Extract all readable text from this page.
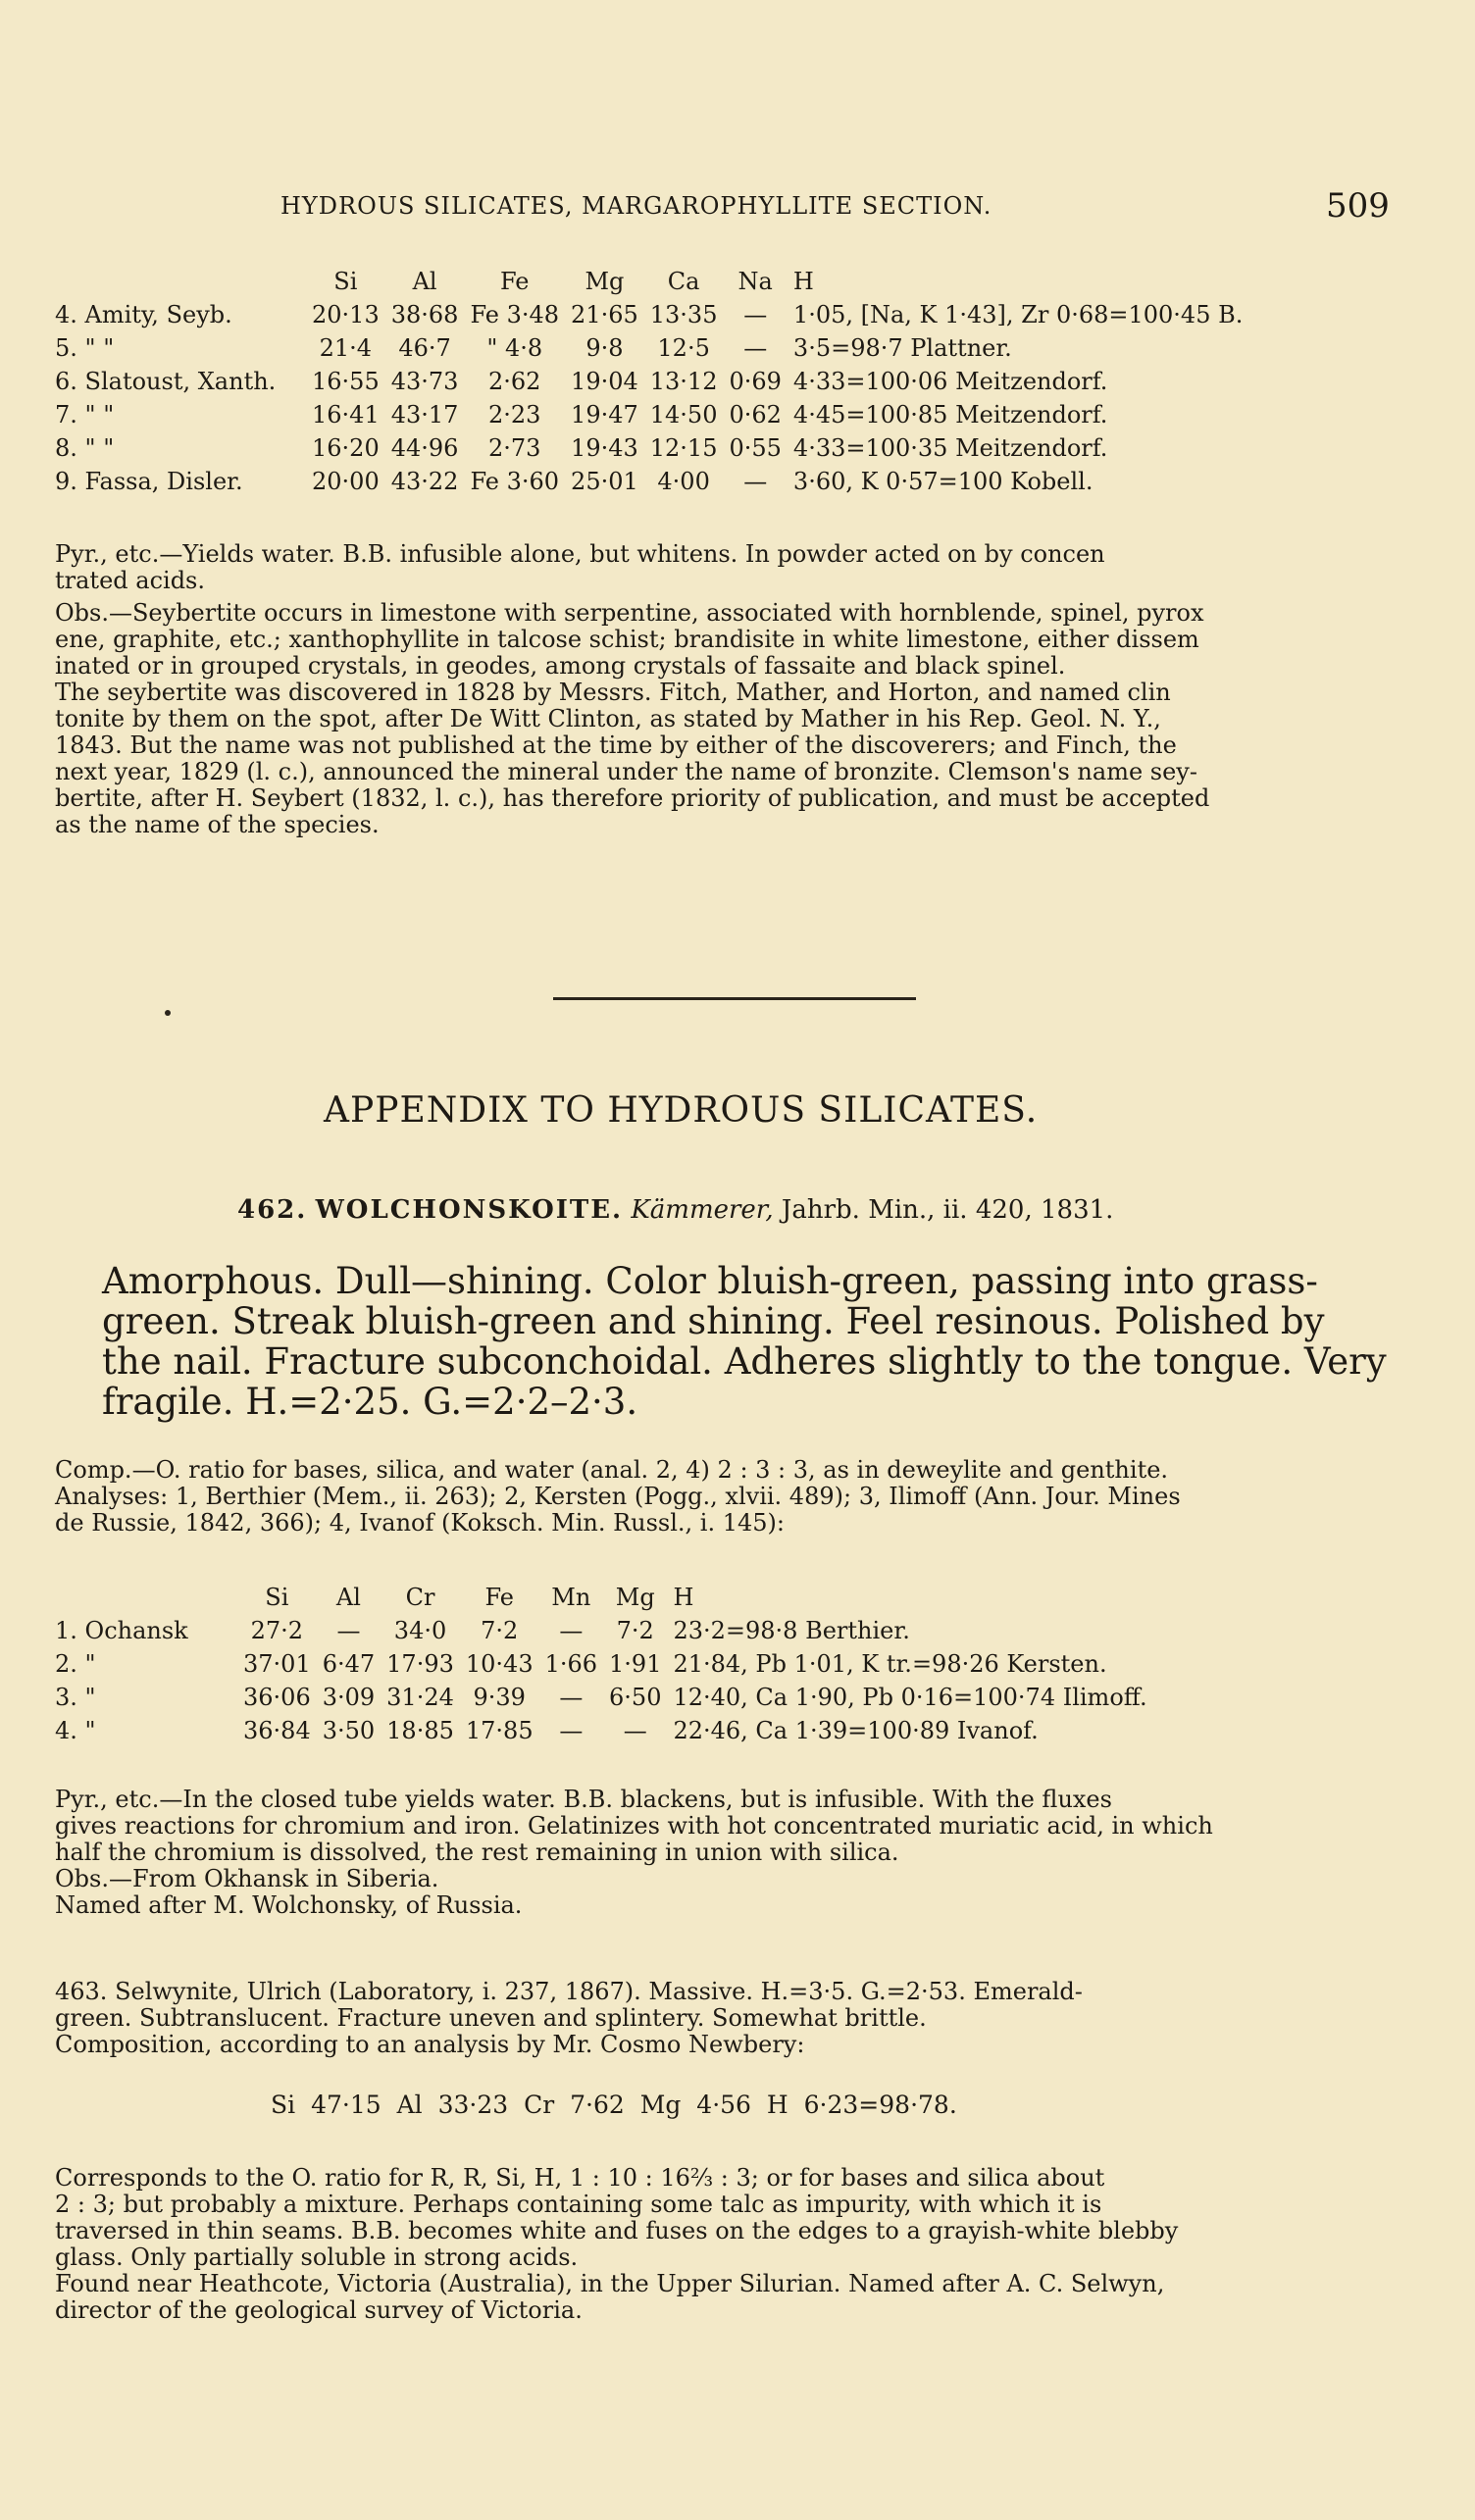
HYDROUS SILICATES, MARGAROPHYLLITE SECTION.	509
	Si	Al	Fe	Mg	Ca	Na	H
4. Amity, Seyb.	20·13	38·68	Fe 3·48	21·65	13·35	—	1·05, [Na, K 1·43], Zr 0·68=100·45 B.
5. " "	21·4	46·7	" 4·8	9·8	12·5	—	3·5=98·7 Plattner.
6. Slatoust, Xanth.	16·55	43·73	2·62	19·04	13·12	0·69	4·33=100·06 Meitzendorf.
7. " "	16·41	43·17	2·23	19·47	14·50	0·62	4·45=100·85 Meitzendorf.
8. " "	16·20	44·96	2·73	19·43	12·15	0·55	4·33=100·35 Meitzendorf.
9. Fassa, Disler.	20·00	43·22	Fe 3·60	25·01	4·00	—	3·60, K 0·57=100 Kobell.
Pyr., etc.—Yields water. B.B. infusible alone, but whitens. In powder acted on by concen
trated acids.
Obs.—Seybertite occurs in limestone with serpentine, associated with hornblende, spinel, pyrox
ene, graphite, etc.; xanthophyllite in talcose schist; brandisite in white limestone, either dissem
inated or in grouped crystals, in geodes, among crystals of fassaite and black spinel.
The seybertite was discovered in 1828 by Messrs. Fitch, Mather, and Horton, and named clin
tonite by them on the spot, after De Witt Clinton, as stated by Mather in his Rep. Geol. N. Y.,
1843. But the name was not published at the time by either of the discoverers; and Finch, the
next year, 1829 (l. c.), announced the mineral under the name of bronzite. Clemson's name sey-
bertite, after H. Seybert (1832, l. c.), has therefore priority of publication, and must be accepted
as the name of the species.
APPENDIX TO HYDROUS SILICATES.
462. WOLCHONSKOITE. Kämmerer, Jahrb. Min., ii. 420, 1831.
Amorphous. Dull—shining. Color bluish-green, passing into grass-
green. Streak bluish-green and shining. Feel resinous. Polished by
the nail. Fracture subconchoidal. Adheres slightly to the tongue. Very
fragile. H.=2·25. G.=2·2–2·3.
Comp.—O. ratio for bases, silica, and water (anal. 2, 4) 2 : 3 : 3, as in deweylite and genthite.
Analyses: 1, Berthier (Mem., ii. 263); 2, Kersten (Pogg., xlvii. 489); 3, Ilimoff (Ann. Jour. Mines
de Russie, 1842, 366); 4, Ivanof (Koksch. Min. Russl., i. 145):
	Si	Al	Cr	Fe	Mn	Mg	H
1. Ochansk	27·2	—	34·0	7·2	—	7·2	23·2=98·8 Berthier.
2. "	37·01	6·47	17·93	10·43	1·66	1·91	21·84, Pb 1·01, K tr.=98·26 Kersten.
3. "	36·06	3·09	31·24	9·39	—	6·50	12·40, Ca 1·90, Pb 0·16=100·74 Ilimoff.
4. "	36·84	3·50	18·85	17·85	—	—	22·46, Ca 1·39=100·89 Ivanof.
Pyr., etc.—In the closed tube yields water. B.B. blackens, but is infusible. With the fluxes
gives reactions for chromium and iron. Gelatinizes with hot concentrated muriatic acid, in which
half the chromium is dissolved, the rest remaining in union with silica.
Obs.—From Okhansk in Siberia.
Named after M. Wolchonsky, of Russia.
463. Selwynite, Ulrich (Laboratory, i. 237, 1867). Massive. H.=3·5. G.=2·53. Emerald-
green. Subtranslucent. Fracture uneven and splintery. Somewhat brittle.
Composition, according to an analysis by Mr. Cosmo Newbery:
Si 47·15 Al 33·23 Cr 7·62 Mg 4·56 H 6·23=98·78.
Corresponds to the O. ratio for R, R, Si, H, 1 : 10 : 16⅔ : 3; or for bases and silica about
2 : 3; but probably a mixture. Perhaps containing some talc as impurity, with which it is
traversed in thin seams. B.B. becomes white and fuses on the edges to a grayish-white blebby
glass. Only partially soluble in strong acids.
Found near Heathcote, Victoria (Australia), in the Upper Silurian. Named after A. C. Selwyn,
director of the geological survey of Victoria.
